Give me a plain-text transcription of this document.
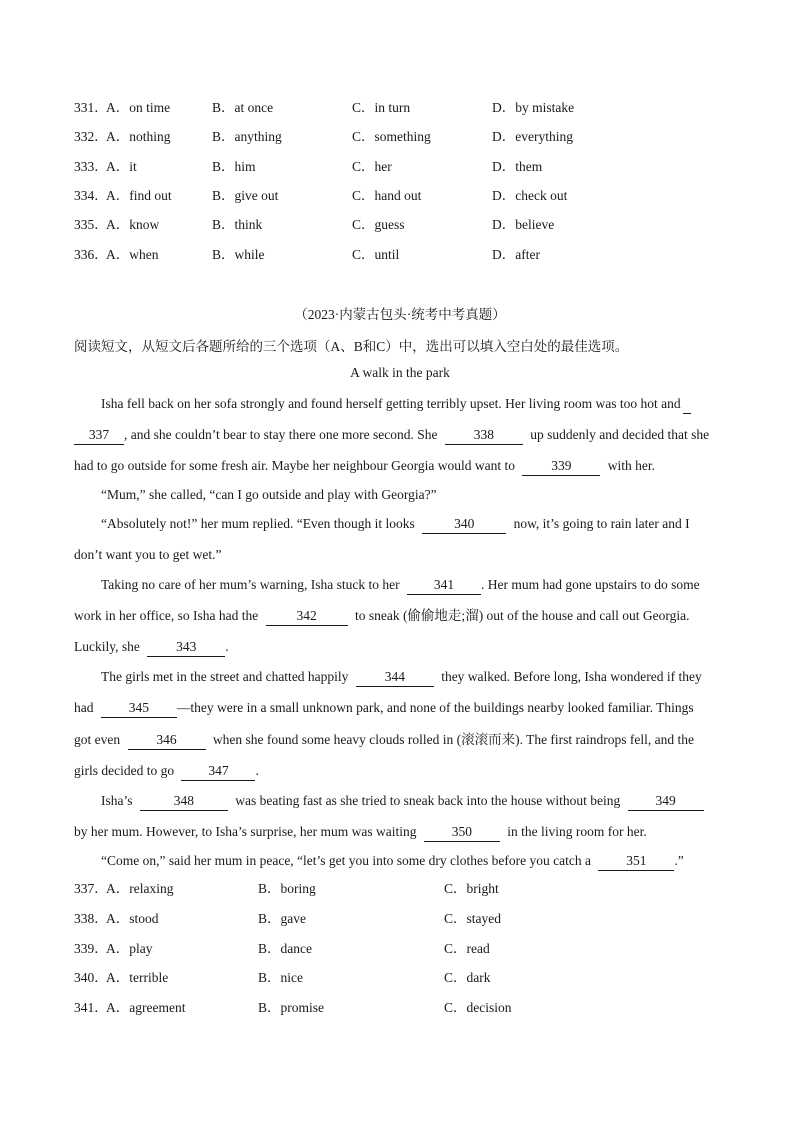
331．
A．on time	B．at once	C．in turn	D．by mistake
332．
A．nothing	B．anything	C．something	D．everything
333．
A．it	B．him	C．her	D．them
334．
A．find out	B．give out	C．hand out	D．check out
335．
A．know	B．think	C．guess	D．believe
336．
A．when	B．while	C．until	D．after
（2023·内蒙古包头·统考中考真题）
阅读短文，从短文后各题所给的三个选项（A、B和C）中，选出可以填入空白处的最佳选项。
A walk in the park
Isha fell back on her sofa strongly and found herself getting terribly upset. Her living room was too hot and
337 , and she couldn’t bear to stay there one more second. She	338	up suddenly and decided that she
had to go outside for some fresh air. Maybe her neighbour Georgia would want to	339	with her.
“Mum,” she called, “can I go outside and play with Georgia?”
“Absolutely not!” her mum replied. “Even though it looks	340	now, it’s going to rain later and I
don’t want you to get wet.”
Taking no care of her mum’s warning, Isha stuck to her	341 . Her mum had gone upstairs to do some
work in her office, so Isha had the	342	to sneak (偷偷地走;溜) out of the house and call out Georgia.
Luckily, she	343 .
The girls met in the street and chatted happily	344	they walked. Before long, Isha wondered if they
had	345 —they were in a small unknown park, and none of the buildings nearby looked familiar. Things
got even	346	when she found some heavy clouds rolled in (滚滚而来). The first raindrops fell, and the
girls decided to go	347 .
Isha’s	348	was beating fast as she tried to sneak back into the house without being	349
by her mum. However, to Isha’s surprise, her mum was waiting	350	in the living room for her.
“Come on,” said her mum in peace, “let’s get you into some dry clothes before you catch a	351 .”
337．
A．relaxing	B．boring	C．bright
338．
A．stood	B．gave	C．stayed
339．
A．play	B．dance	C．read
340．
A．terrible	B．nice	C．dark
341．
A．agreement	B．promise	C．decision
